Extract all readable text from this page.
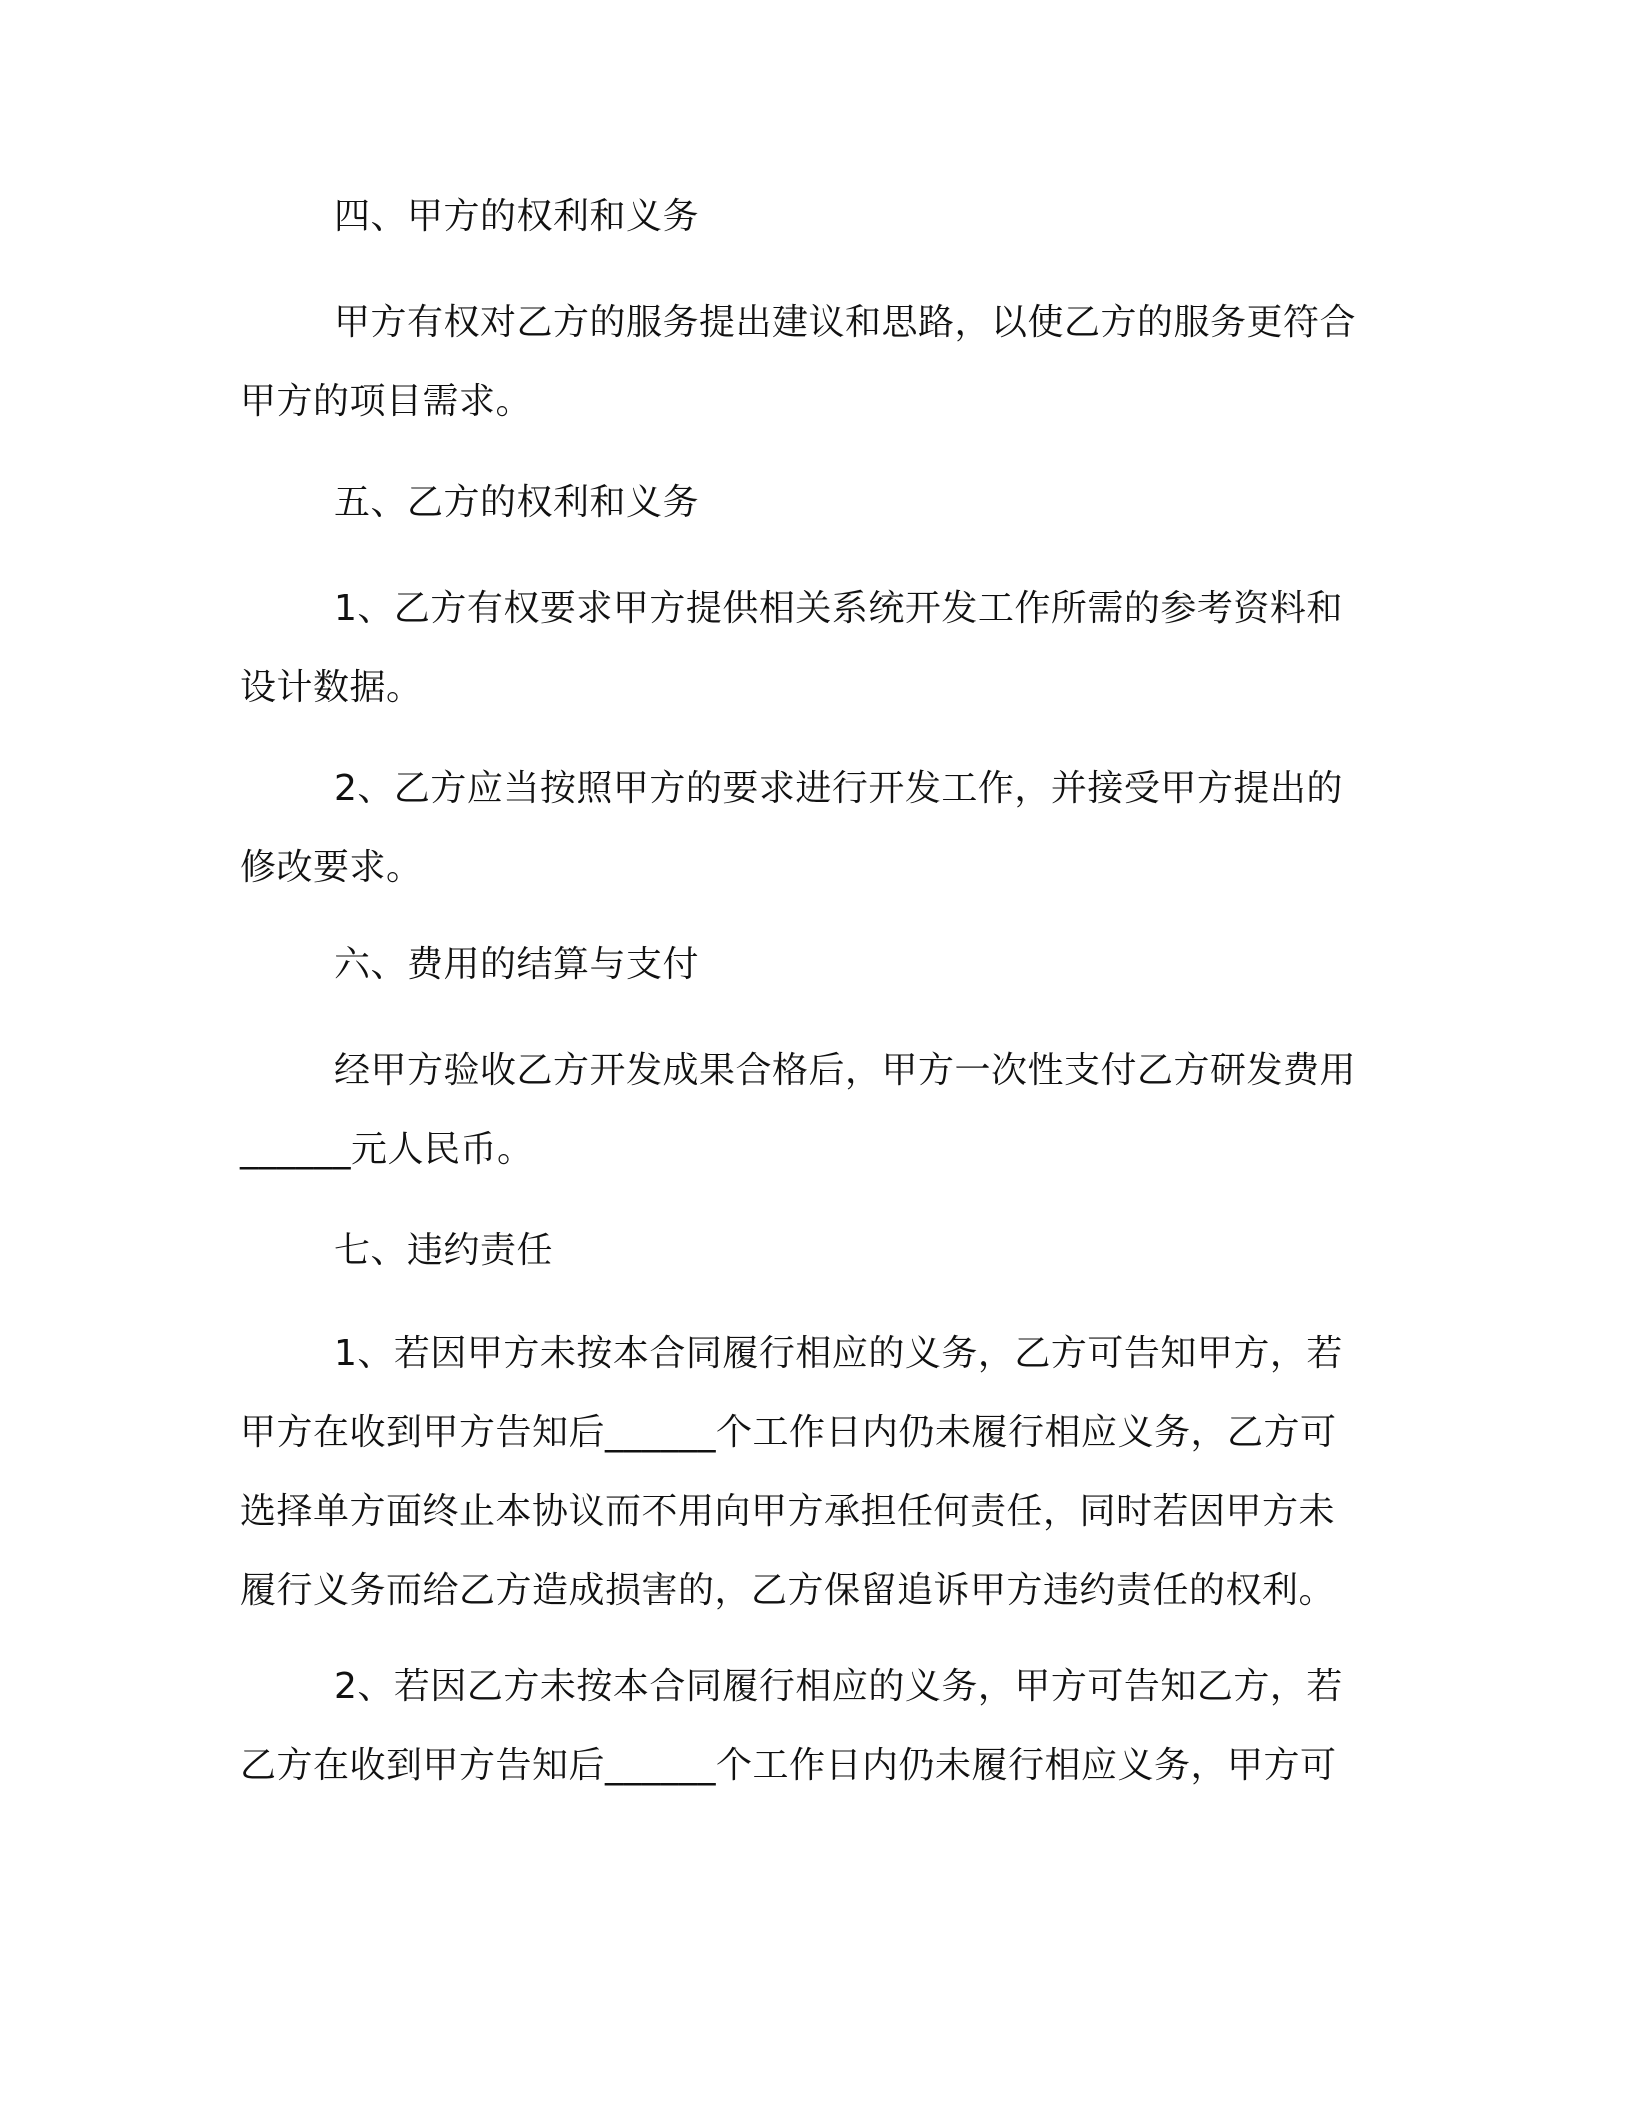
四、甲方的权利和义务
甲方有权对乙方的服务提出建议和思路，以使乙方的服务更符合
甲方的项目需求。
五、乙方的权利和义务
1、乙方有权要求甲方提供相关系统开发工作所需的参考资料和
设计数据。
2、乙方应当按照甲方的要求进行开发工作，并接受甲方提出的
修改要求。
六、费用的结算与支付
经甲方验收乙方开发成果合格后，甲方一次性支付乙方研发费用
______元人民币。
七、违约责任
1、若因甲方未按本合同履行相应的义务，乙方可告知甲方，若
甲方在收到甲方告知后______个工作日内仍未履行相应义务，乙方可
选择单方面终止本协议而不用向甲方承担任何责任，同时若因甲方未
履行义务而给乙方造成损害的，乙方保留追诉甲方违约责任的权利。
2、若因乙方未按本合同履行相应的义务，甲方可告知乙方，若
乙方在收到甲方告知后______个工作日内仍未履行相应义务，甲方可
